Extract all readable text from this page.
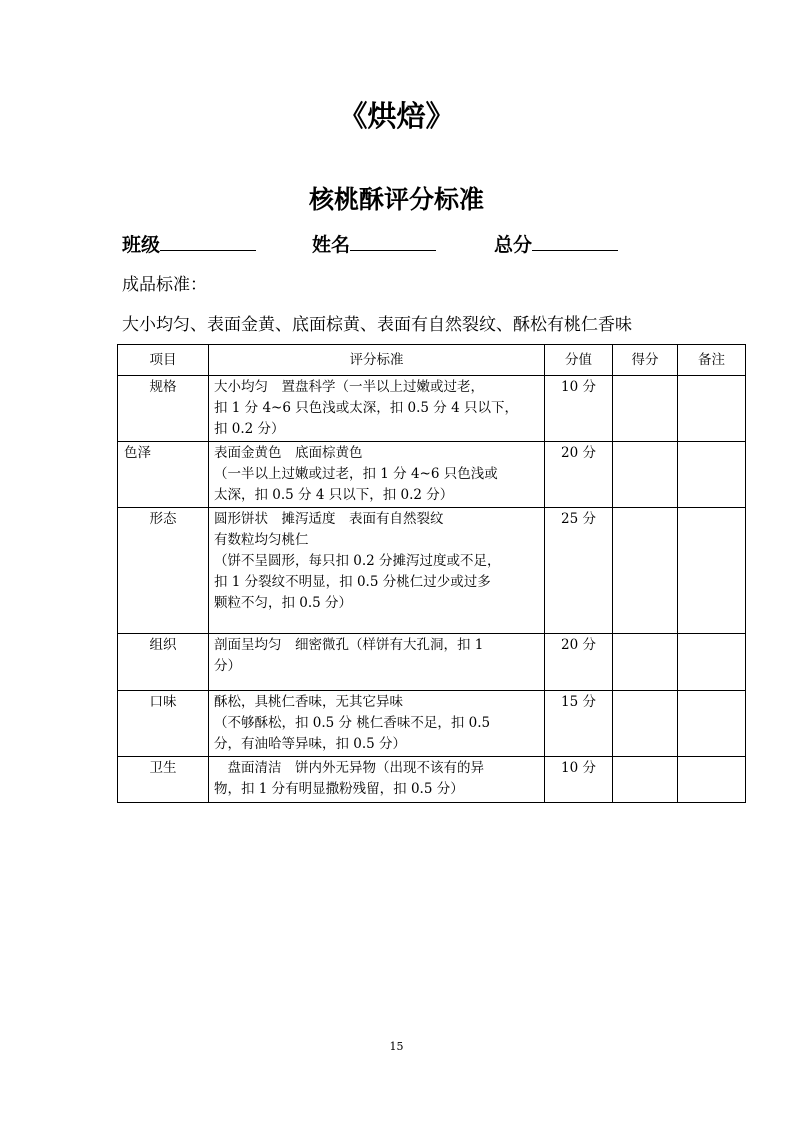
《烘焙》
核桃酥评分标准
班级	姓名	总分
成品标准：
大小均匀、表面金黄、底面棕黄、表面有自然裂纹、酥松有桃仁香味
项目	评分标准	分值	得分	备注
规格	大小均匀　置盘科学（一半以上过嫩或过老，
扣 1 分 4~6 只色浅或太深，扣 0.5 分 4 只以下，
扣 0.2 分）	10 分		
色泽	表面金黄色　底面棕黄色
（一半以上过嫩或过老，扣 1 分 4~6 只色浅或
太深，扣 0.5 分 4 只以下，扣 0.2 分）	20 分		
形态	圆形饼状　摊泻适度　表面有自然裂纹
有数粒均匀桃仁
（饼不呈圆形，每只扣 0.2 分摊泻过度或不足，
扣 1 分裂纹不明显，扣 0.5 分桃仁过少或过多
颗粒不匀，扣 0.5 分）	25 分		
组织	剖面呈均匀　细密微孔（样饼有大孔洞，扣 1
分）	20 分		
口味	酥松，具桃仁香味，无其它异味
（不够酥松，扣 0.5 分 桃仁香味不足，扣 0.5
分，有油哈等异味，扣 0.5 分）	15 分		
卫生	　盘面清洁　饼内外无异物（出现不该有的异
物，扣 1 分有明显撒粉残留，扣 0.5 分）	10 分		
15
